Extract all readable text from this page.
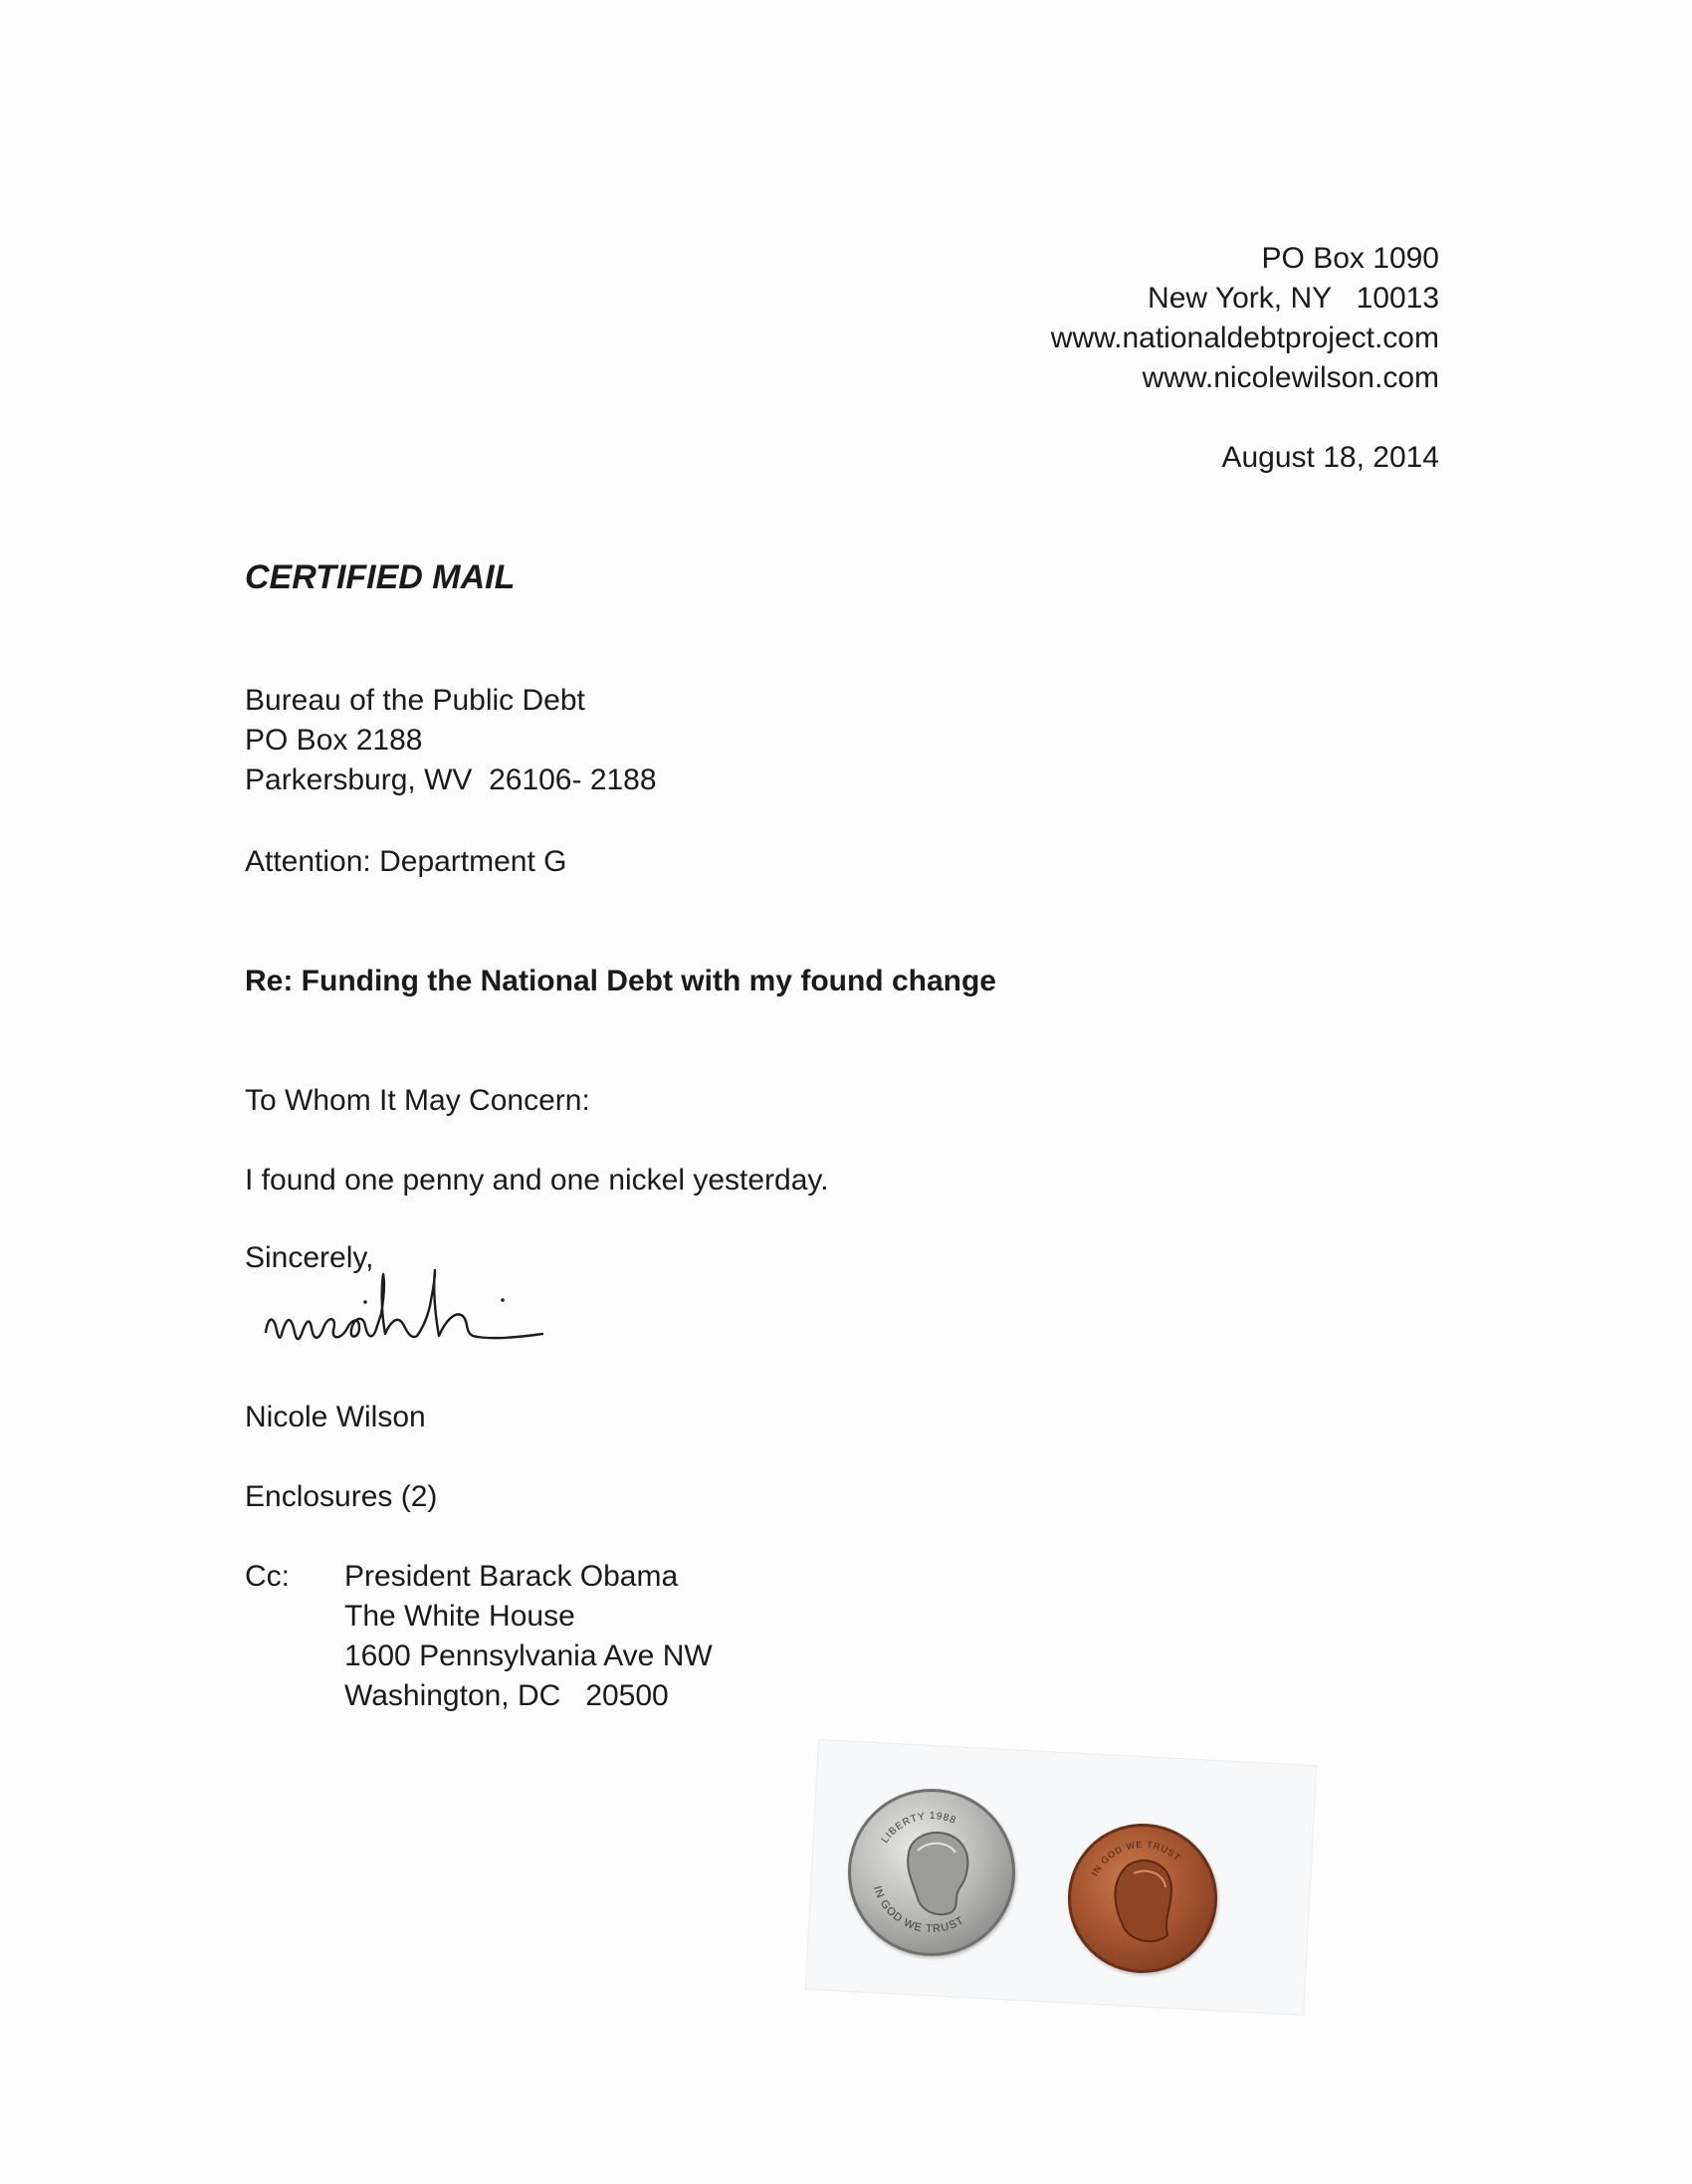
PO Box 1090
New York, NY   10013
www.nationaldebtproject.com
www.nicolewilson.com
August 18, 2014
CERTIFIED MAIL
Bureau of the Public Debt
PO Box 2188
Parkersburg, WV  26106- 2188
Attention: Department G
Re: Funding the National Debt with my found change
To Whom It May Concern:
I found one penny and one nickel yesterday.
Sincerely,
Nicole Wilson
Enclosures (2)
Cc: President Barack Obama
The White House
1600 Pennsylvania Ave NW
Washington, DC   20500
IN GOD WE TRUST
LIBERTY 1988
IN GOD WE TRUST
